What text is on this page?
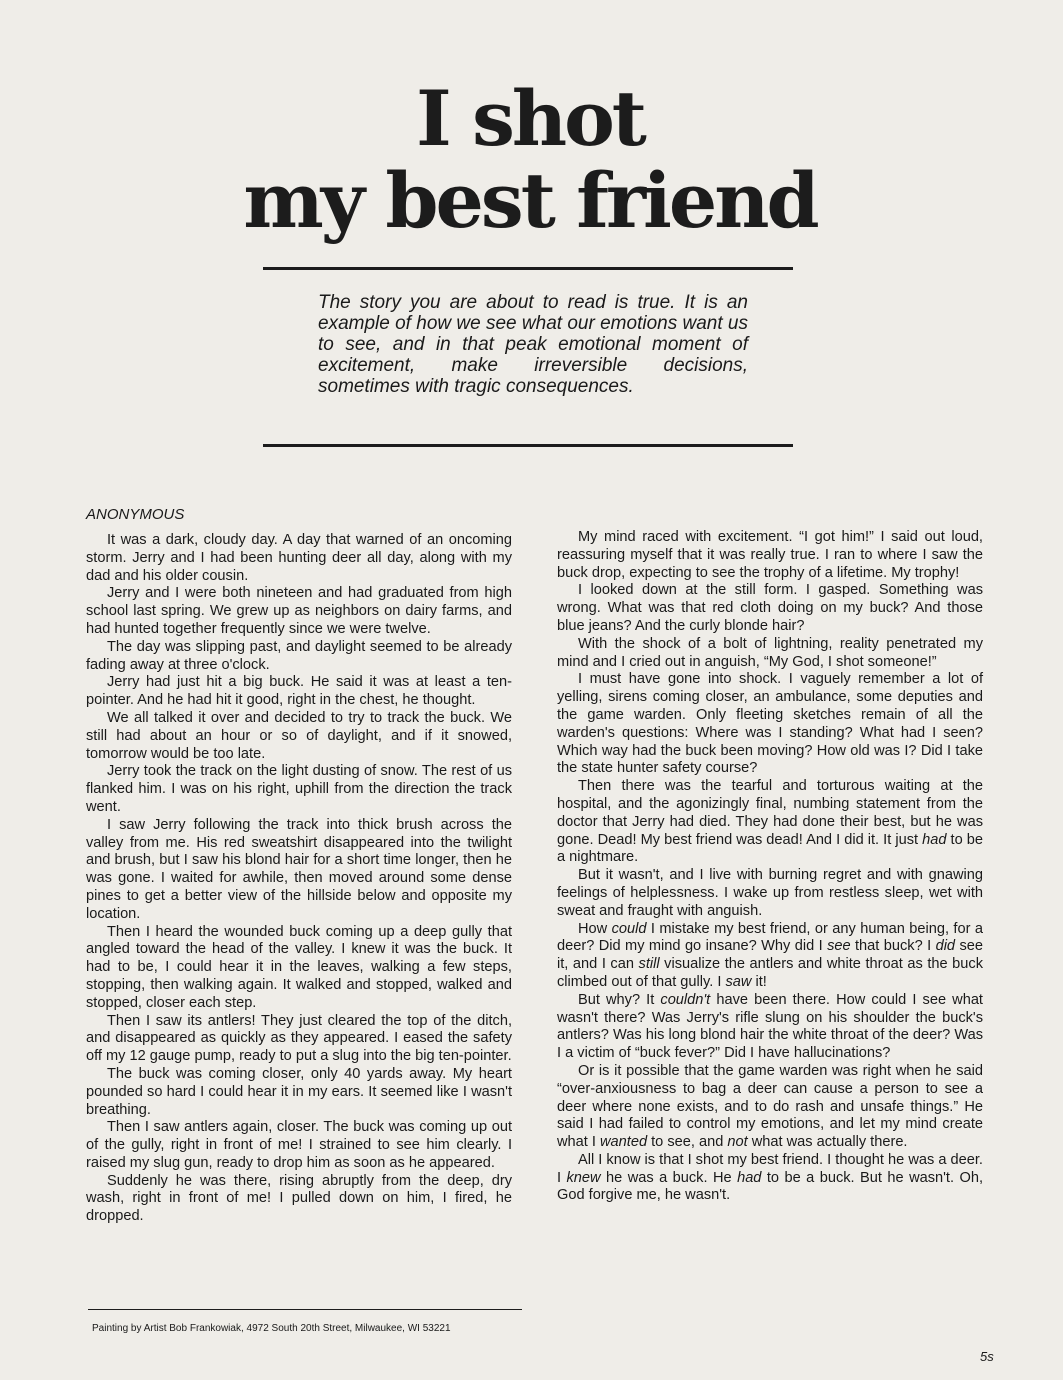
I shot
my best friend
The story you are about to read is true. It is an example of how we see what our emotions want us to see, and in that peak emotional moment of excitement, make irreversible decisions, sometimes with tragic consequences.
ANONYMOUS

It was a dark, cloudy day. A day that warned of an oncoming storm. Jerry and I had been hunting deer all day, along with my dad and his older cousin.

Jerry and I were both nineteen and had graduated from high school last spring. We grew up as neighbors on dairy farms, and had hunted together frequently since we were twelve.

The day was slipping past, and daylight seemed to be already fading away at three o'clock.

Jerry had just hit a big buck. He said it was at least a ten-pointer. And he had hit it good, right in the chest, he thought.

We all talked it over and decided to try to track the buck. We still had about an hour or so of daylight, and if it snowed, tomorrow would be too late.

Jerry took the track on the light dusting of snow. The rest of us flanked him. I was on his right, uphill from the direction the track went.

I saw Jerry following the track into thick brush across the valley from me. His red sweatshirt disappeared into the twilight and brush, but I saw his blond hair for a short time longer, then he was gone. I waited for awhile, then moved around some dense pines to get a better view of the hillside below and opposite my location.

Then I heard the wounded buck coming up a deep gully that angled toward the head of the valley. I knew it was the buck. It had to be, I could hear it in the leaves, walking a few steps, stopping, then walking again. It walked and stopped, walked and stopped, closer each step.

Then I saw its antlers! They just cleared the top of the ditch, and disappeared as quickly as they appeared. I eased the safety off my 12 gauge pump, ready to put a slug into the big ten-pointer.

The buck was coming closer, only 40 yards away. My heart pounded so hard I could hear it in my ears. It seemed like I wasn't breathing.

Then I saw antlers again, closer. The buck was coming up out of the gully, right in front of me! I strained to see him clearly. I raised my slug gun, ready to drop him as soon as he appeared.

Suddenly he was there, rising abruptly from the deep, dry wash, right in front of me! I pulled down on him, I fired, he dropped.

My mind raced with excitement. “I got him!” I said out loud, reassuring myself that it was really true. I ran to where I saw the buck drop, expecting to see the trophy of a lifetime. My trophy!

I looked down at the still form. I gasped. Something was wrong. What was that red cloth doing on my buck? And those blue jeans? And the curly blonde hair?

With the shock of a bolt of lightning, reality penetrated my mind and I cried out in anguish, “My God, I shot someone!”

I must have gone into shock. I vaguely remember a lot of yelling, sirens coming closer, an ambulance, some deputies and the game warden. Only fleeting sketches remain of all the warden's questions: Where was I standing? What had I seen? Which way had the buck been moving? How old was I? Did I take the state hunter safety course?

Then there was the tearful and torturous waiting at the hospital, and the agonizingly final, numbing statement from the doctor that Jerry had died. They had done their best, but he was gone. Dead! My best friend was dead! And I did it. It just had to be a nightmare.

But it wasn't, and I live with burning regret and with gnawing feelings of helplessness. I wake up from restless sleep, wet with sweat and fraught with anguish.

How could I mistake my best friend, or any human being, for a deer? Did my mind go insane? Why did I see that buck? I did see it, and I can still visualize the antlers and white throat as the buck climbed out of that gully. I saw it!

But why? It couldn't have been there. How could I see what wasn't there? Was Jerry's rifle slung on his shoulder the buck's antlers? Was his long blond hair the white throat of the deer? Was I a victim of “buck fever?” Did I have hallucinations?

Or is it possible that the game warden was right when he said “over-anxiousness to bag a deer can cause a person to see a deer where none exists, and to do rash and unsafe things.” He said I had failed to control my emotions, and let my mind create what I wanted to see, and not what was actually there.

All I know is that I shot my best friend. I thought he was a deer. I knew he was a buck. He had to be a buck. But he wasn't. Oh, God forgive me, he wasn't.

Painting by Artist Bob Frankowiak, 4972 South 20th Street, Milwaukee, WI 53221
5s
